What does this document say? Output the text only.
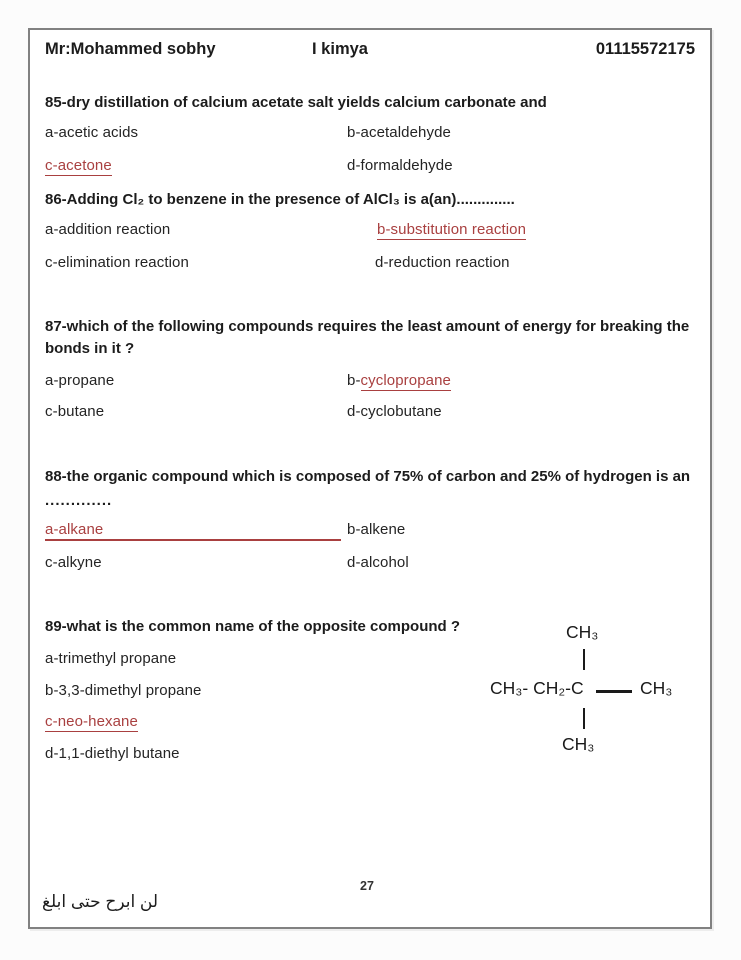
Mr:Mohammed sobhy	I kimya	01115572175
85-dry distillation of calcium acetate salt yields calcium carbonate and
a-acetic acids	b-acetaldehyde
c-acetone	d-formaldehyde
86-Adding Cl₂ to benzene in the presence of AlCl₃ is a(an)..............
a-addition reaction	b-substitution reaction
c-elimination reaction	d-reduction reaction
87-which of the following compounds requires the least amount of energy for breaking the bonds in it ?
a-propane	b-cyclopropane
c-butane	d-cyclobutane
88-the organic compound which is composed of 75% of carbon and 25% of hydrogen is an
.............
a-alkane	b-alkene
c-alkyne	d-alcohol
89-what is the common name of the opposite compound ?
a-trimethyl propane
b-3,3-dimethyl propane
c-neo-hexane
d-1,1-diethyl butane
CH₃
CH₃- CH₂-C	CH₃
CH₃
27
لن ابرح حتى ابلغ
